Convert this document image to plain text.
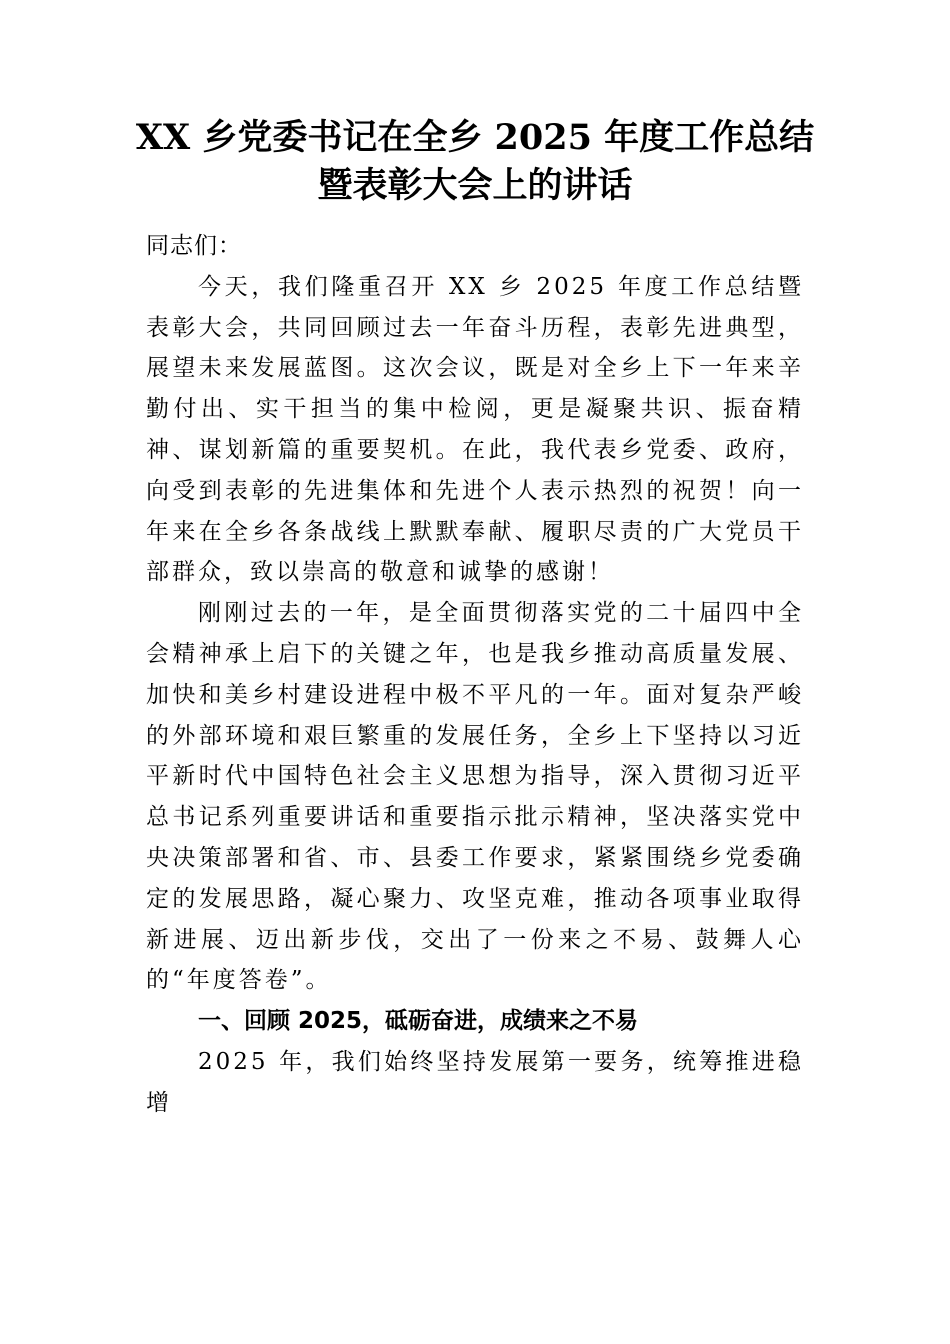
XX 乡党委书记在全乡 2025 年度工作总结
暨表彰大会上的讲话

同志们：

今天，我们隆重召开 XX 乡 2025 年度工作总结暨表彰大会，共同回顾过去一年奋斗历程，表彰先进典型，展望未来发展蓝图。这次会议，既是对全乡上下一年来辛勤付出、实干担当的集中检阅，更是凝聚共识、振奋精神、谋划新篇的重要契机。在此，我代表乡党委、政府，向受到表彰的先进集体和先进个人表示热烈的祝贺！向一年来在全乡各条战线上默默奉献、履职尽责的广大党员干部群众，致以崇高的敬意和诚挚的感谢！

刚刚过去的一年，是全面贯彻落实党的二十届四中全会精神承上启下的关键之年，也是我乡推动高质量发展、加快和美乡村建设进程中极不平凡的一年。面对复杂严峻的外部环境和艰巨繁重的发展任务，全乡上下坚持以习近平新时代中国特色社会主义思想为指导，深入贯彻习近平总书记系列重要讲话和重要指示批示精神，坚决落实党中央决策部署和省、市、县委工作要求，紧紧围绕乡党委确定的发展思路，凝心聚力、攻坚克难，推动各项事业取得新进展、迈出新步伐，交出了一份来之不易、鼓舞人心的“年度答卷”。

一、回顾 2025，砥砺奋进，成绩来之不易

2025 年，我们始终坚持发展第一要务，统筹推进稳增
